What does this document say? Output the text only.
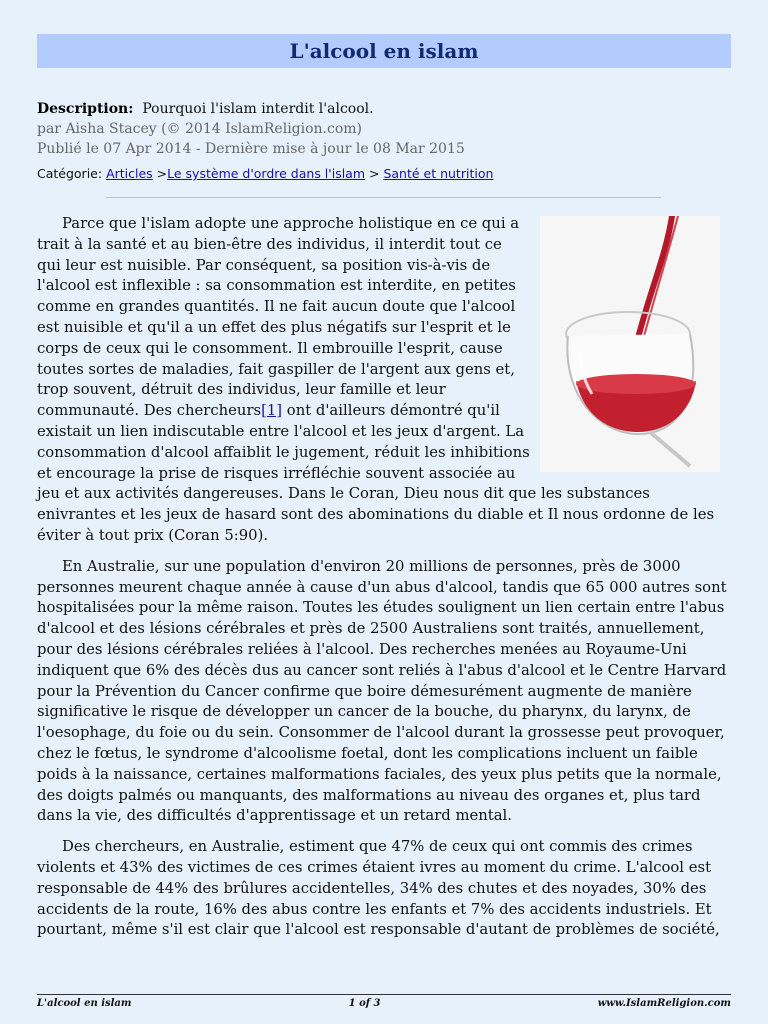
L'alcool en islam
Description: Pourquoi l'islam interdit l'alcool.
par Aisha Stacey (© 2014 IslamReligion.com)
Publié le 07 Apr 2014 - Dernière mise à jour le 08 Mar 2015
Catégorie: Articles >Le système d'ordre dans l'islam > Santé et nutrition

Parce que l'islam adopte une approche holistique en ce qui a trait à la santé et au bien-être des individus, il interdit tout ce qui leur est nuisible. Par conséquent, sa position vis-à-vis de l'alcool est inflexible : sa consommation est interdite, en petites comme en grandes quantités. Il ne fait aucun doute que l'alcool est nuisible et qu'il a un effet des plus négatifs sur l'esprit et le corps de ceux qui le consomment. Il embrouille l'esprit, cause toutes sortes de maladies, fait gaspiller de l'argent aux gens et, trop souvent, détruit des individus, leur famille et leur communauté. Des chercheurs[1] ont d'ailleurs démontré qu'il existait un lien indiscutable entre l'alcool et les jeux d'argent. La consommation d'alcool affaiblit le jugement, réduit les inhibitions et encourage la prise de risques irréfléchie souvent associée au jeu et aux activités dangereuses. Dans le Coran, Dieu nous dit que les substances enivrantes et les jeux de hasard sont des abominations du diable et Il nous ordonne de les éviter à tout prix (Coran 5:90).

En Australie, sur une population d'environ 20 millions de personnes, près de 3000 personnes meurent chaque année à cause d'un abus d'alcool, tandis que 65 000 autres sont hospitalisées pour la même raison. Toutes les études soulignent un lien certain entre l'abus d'alcool et des lésions cérébrales et près de 2500 Australiens sont traités, annuellement, pour des lésions cérébrales reliées à l'alcool. Des recherches menées au Royaume-Uni indiquent que 6% des décès dus au cancer sont reliés à l'abus d'alcool et le Centre Harvard pour la Prévention du Cancer confirme que boire démesurément augmente de manière significative le risque de développer un cancer de la bouche, du pharynx, du larynx, de l'oesophage, du foie ou du sein. Consommer de l'alcool durant la grossesse peut provoquer, chez le fœtus, le syndrome d'alcoolisme foetal, dont les complications incluent un faible poids à la naissance, certaines malformations faciales, des yeux plus petits que la normale, des doigts palmés ou manquants, des malformations au niveau des organes et, plus tard dans la vie, des difficultés d'apprentissage et un retard mental.

Des chercheurs, en Australie, estiment que 47% de ceux qui ont commis des crimes violents et 43% des victimes de ces crimes étaient ivres au moment du crime. L'alcool est responsable de 44% des brûlures accidentelles, 34% des chutes et des noyades, 30% des accidents de la route, 16% des abus contre les enfants et 7% des accidents industriels. Et pourtant, même s'il est clair que l'alcool est responsable d'autant de problèmes de société,

L'alcool en islam	1 of 3	www.IslamReligion.com
